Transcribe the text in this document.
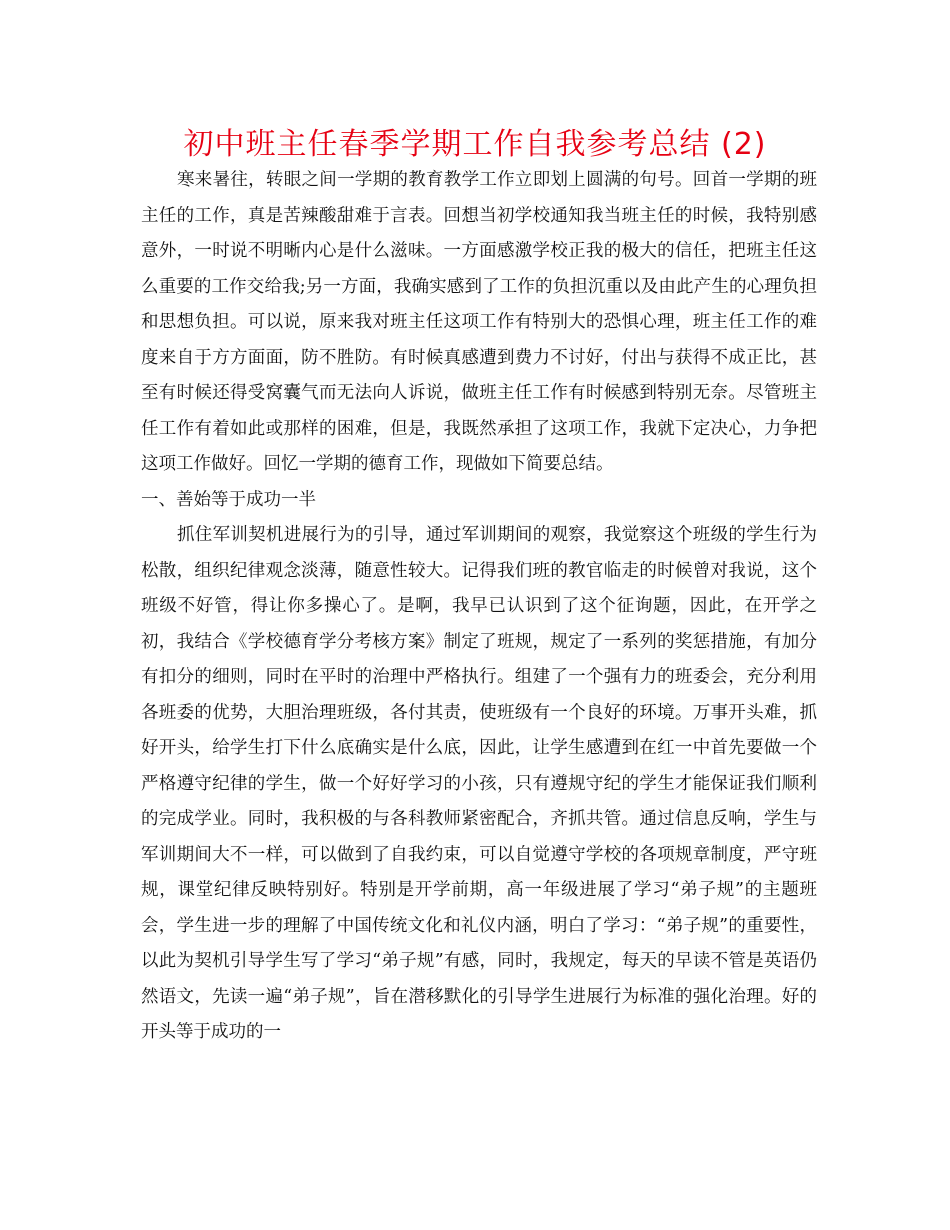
初中班主任春季学期工作自我参考总结 (2)

寒来暑往，转眼之间一学期的教育教学工作立即划上圆满的句号。回首一学期的班主任的工作，真是苦辣酸甜难于言表。回想当初学校通知我当班主任的时候，我特别感意外，一时说不明晰内心是什么滋味。一方面感激学校正我的极大的信任，把班主任这么重要的工作交给我;另一方面，我确实感到了工作的负担沉重以及由此产生的心理负担和思想负担。可以说，原来我对班主任这项工作有特别大的恐惧心理，班主任工作的难度来自于方方面面，防不胜防。有时候真感遭到费力不讨好，付出与获得不成正比，甚至有时候还得受窝囊气而无法向人诉说，做班主任工作有时候感到特别无奈。尽管班主任工作有着如此或那样的困难，但是，我既然承担了这项工作，我就下定决心，力争把这项工作做好。回忆一学期的德育工作，现做如下简要总结。

一、善始等于成功一半

抓住军训契机进展行为的引导，通过军训期间的观察，我觉察这个班级的学生行为松散，组织纪律观念淡薄，随意性较大。记得我们班的教官临走的时候曾对我说，这个班级不好管，得让你多操心了。是啊，我早已认识到了这个征询题，因此，在开学之初，我结合《学校德育学分考核方案》制定了班规，规定了一系列的奖惩措施，有加分有扣分的细则，同时在平时的治理中严格执行。组建了一个强有力的班委会，充分利用各班委的优势，大胆治理班级，各付其责，使班级有一个良好的环境。万事开头难，抓好开头，给学生打下什么底确实是什么底，因此，让学生感遭到在红一中首先要做一个严格遵守纪律的学生，做一个好好学习的小孩，只有遵规守纪的学生才能保证我们顺利的完成学业。同时，我积极的与各科教师紧密配合，齐抓共管。通过信息反响，学生与军训期间大不一样，可以做到了自我约束，可以自觉遵守学校的各项规章制度，严守班规，课堂纪律反映特别好。特别是开学前期，高一年级进展了学习“弟子规”的主题班会，学生进一步的理解了中国传统文化和礼仪内涵，明白了学习：“弟子规”的重要性，以此为契机引导学生写了学习“弟子规”有感，同时，我规定，每天的早读不管是英语仍然语文，先读一遍“弟子规”，旨在潜移默化的引导学生进展行为标准的强化治理。好的开头等于成功的一
